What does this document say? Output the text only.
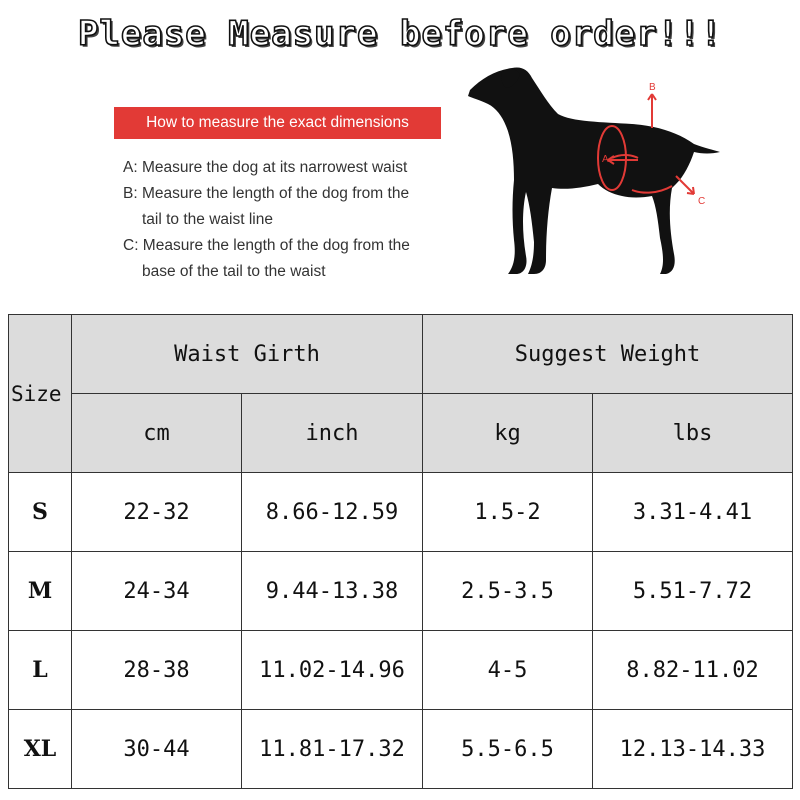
Please Measure before order!!!
How to measure the exact dimensions
A: Measure the dog at its narrowest waist
B: Measure the length of the dog from the
tail to the waist line
C: Measure the length of the dog from the
base of the tail to the waist
A
B
C
Size	Waist Girth		Suggest Weight	
	cm	inch	kg	lbs
S	22-32	8.66-12.59	1.5-2	3.31-4.41
M	24-34	9.44-13.38	2.5-3.5	5.51-7.72
L	28-38	11.02-14.96	4-5	8.82-11.02
XL	30-44	11.81-17.32	5.5-6.5	12.13-14.33
